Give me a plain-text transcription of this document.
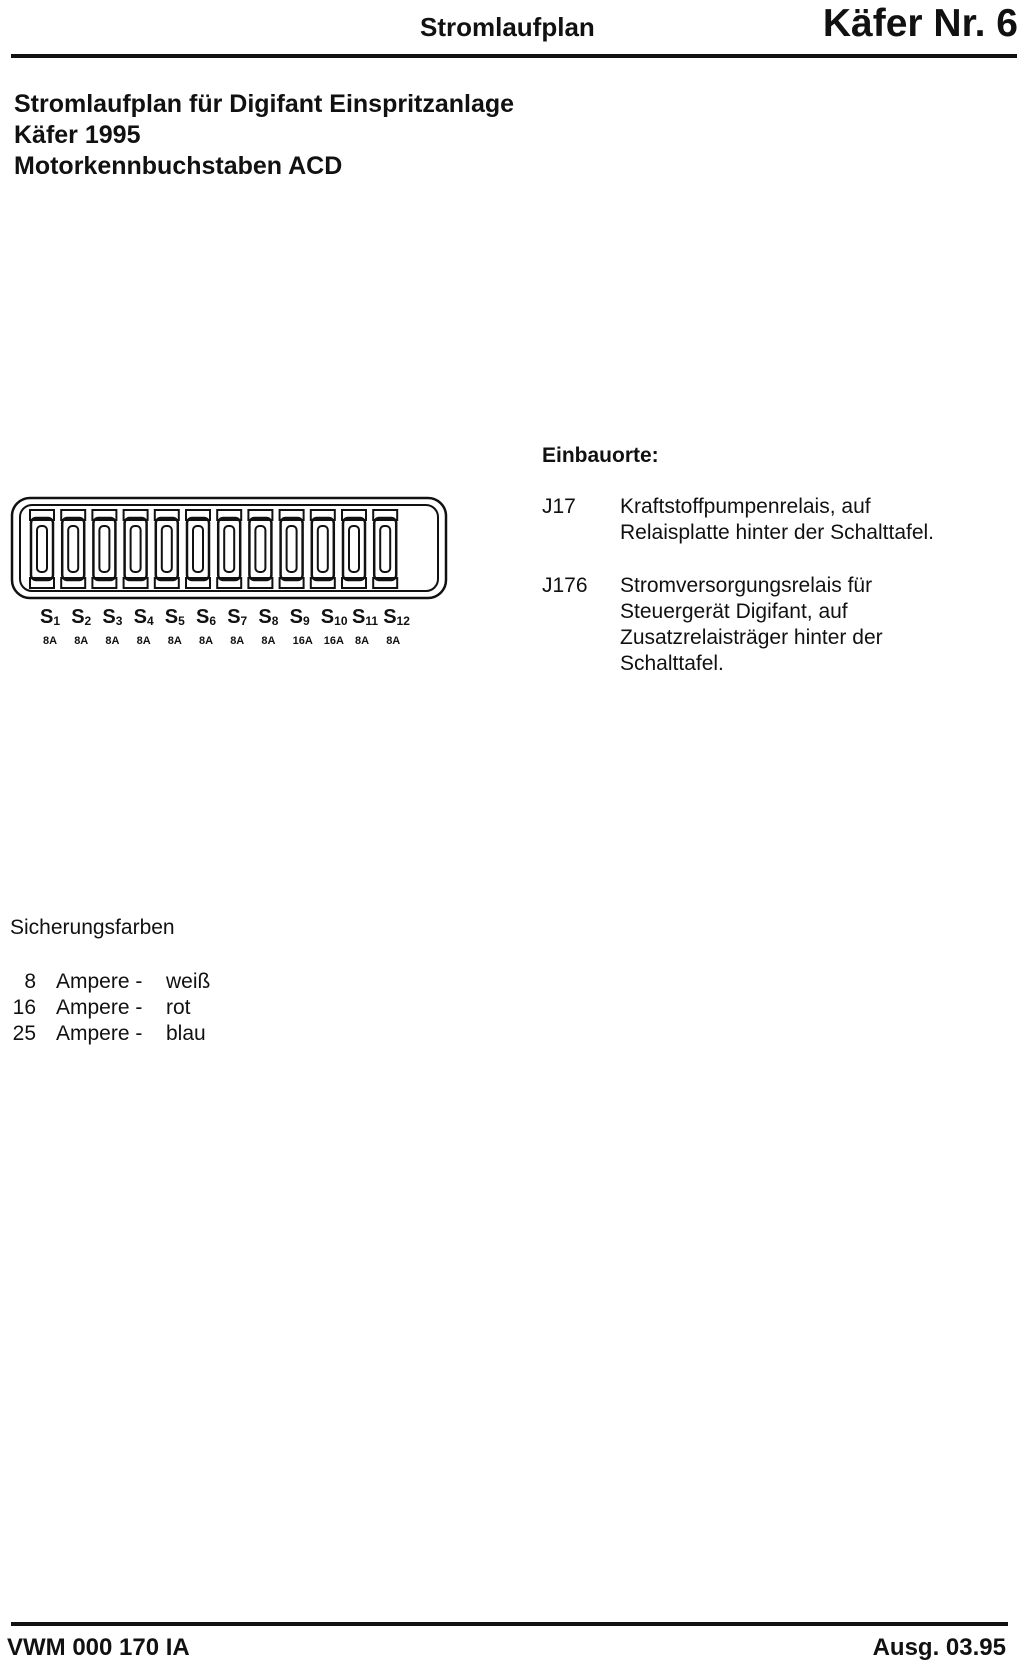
Stromlaufplan	Käfer Nr. 6
Stromlaufplan für Digifant Einspritzanlage
Käfer 1995
Motorkennbuchstaben ACD
Einbauorte:
J17	Kraftstoffpumpenrelais, auf
Relaisplatte hinter der Schalttafel.
J176	Stromversorgungsrelais für
Steuergerät Digifant, auf
Zusatzrelaisträger hinter der
Schalttafel.
$S_1$
8A
$S_2$
8A
$S_3$
8A
$S_4$
8A
$S_5$
8A
$S_6$
8A
$S_7$
8A
$S_8$
8A
$S_9$
16A
$S_{10}$
16A
$S_{11}$
8A
$S_{12}$
8A
Sicherungsfarben
8 Ampere -	weiß
16 Ampere -	rot
25 Ampere -	blau
VWM 000 170 IA	Ausg. 03.95
